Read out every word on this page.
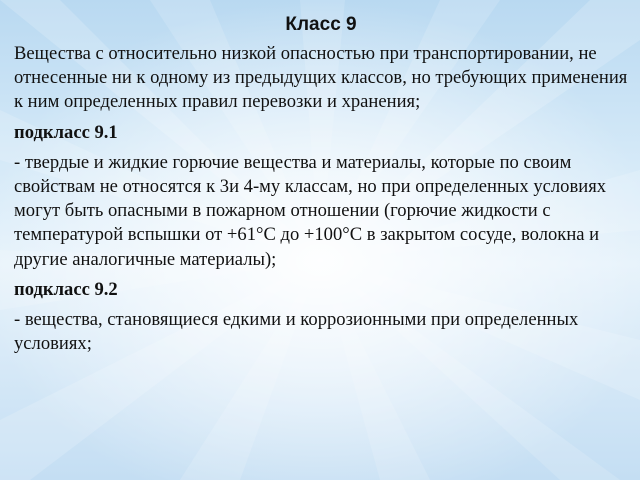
Класс 9

Вещества с относительно низкой опасностью при транспортировании, не отнесенные ни к одному из предыдущих классов, но требующих применения к ним определенных правил перевозки и хранения;

подкласс 9.1

- твердые и жидкие горючие вещества и материалы, которые по своим свойствам не относятся к 3и 4-му классам, но при определенных условиях могут быть опасными в пожарном отношении (горючие жидкости с температурой вспышки от +61°С до +100°С в закрытом сосуде, волокна и другие аналогичные материалы);

подкласс 9.2

- вещества, становящиеся едкими и коррозионными при определенных условиях;
